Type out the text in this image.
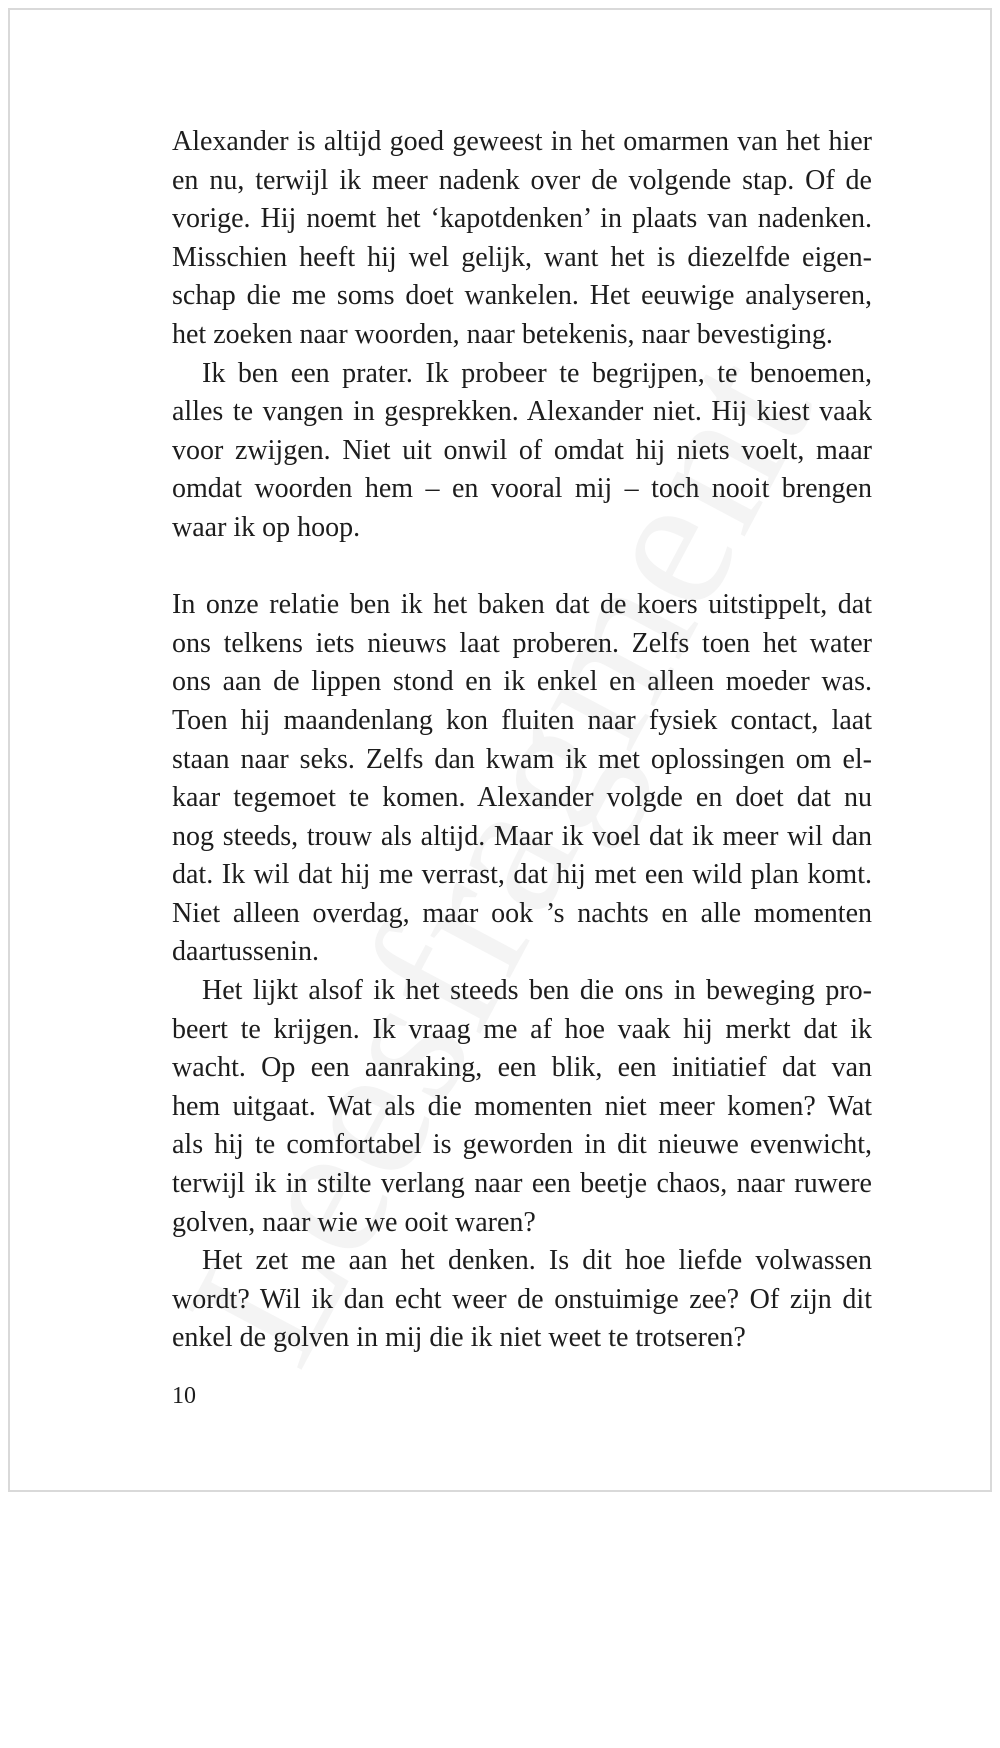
Alexander is altijd goed geweest in het omarmen van het hier
en nu, terwijl ik meer nadenk over de volgende stap. Of de
vorige. Hij noemt het ‘kapotdenken’ in plaats van nadenken.
Misschien heeft hij wel gelijk, want het is diezelfde eigen-
schap die me soms doet wankelen. Het eeuwige analyseren,
het zoeken naar woorden, naar betekenis, naar bevestiging.
Ik ben een prater. Ik probeer te begrijpen, te benoemen,
alles te vangen in gesprekken. Alexander niet. Hij kiest vaak
voor zwijgen. Niet uit onwil of omdat hij niets voelt, maar
omdat woorden hem – en vooral mij – toch nooit brengen
waar ik op hoop.
In onze relatie ben ik het baken dat de koers uitstippelt, dat
ons telkens iets nieuws laat proberen. Zelfs toen het water
ons aan de lippen stond en ik enkel en alleen moeder was.
Toen hij maandenlang kon fluiten naar fysiek contact, laat
staan naar seks. Zelfs dan kwam ik met oplossingen om el-
kaar tegemoet te komen. Alexander volgde en doet dat nu
nog steeds, trouw als altijd. Maar ik voel dat ik meer wil dan
dat. Ik wil dat hij me verrast, dat hij met een wild plan komt.
Niet alleen overdag, maar ook ’s nachts en alle momenten
daartussenin.
Het lijkt alsof ik het steeds ben die ons in beweging pro-
beert te krijgen. Ik vraag me af hoe vaak hij merkt dat ik
wacht. Op een aanraking, een blik, een initiatief dat van
hem uitgaat. Wat als die momenten niet meer komen? Wat
als hij te comfortabel is geworden in dit nieuwe evenwicht,
terwijl ik in stilte verlang naar een beetje chaos, naar ruwere
golven, naar wie we ooit waren?
Het zet me aan het denken. Is dit hoe liefde volwassen
wordt? Wil ik dan echt weer de onstuimige zee? Of zijn dit
enkel de golven in mij die ik niet weet te trotseren?
10
